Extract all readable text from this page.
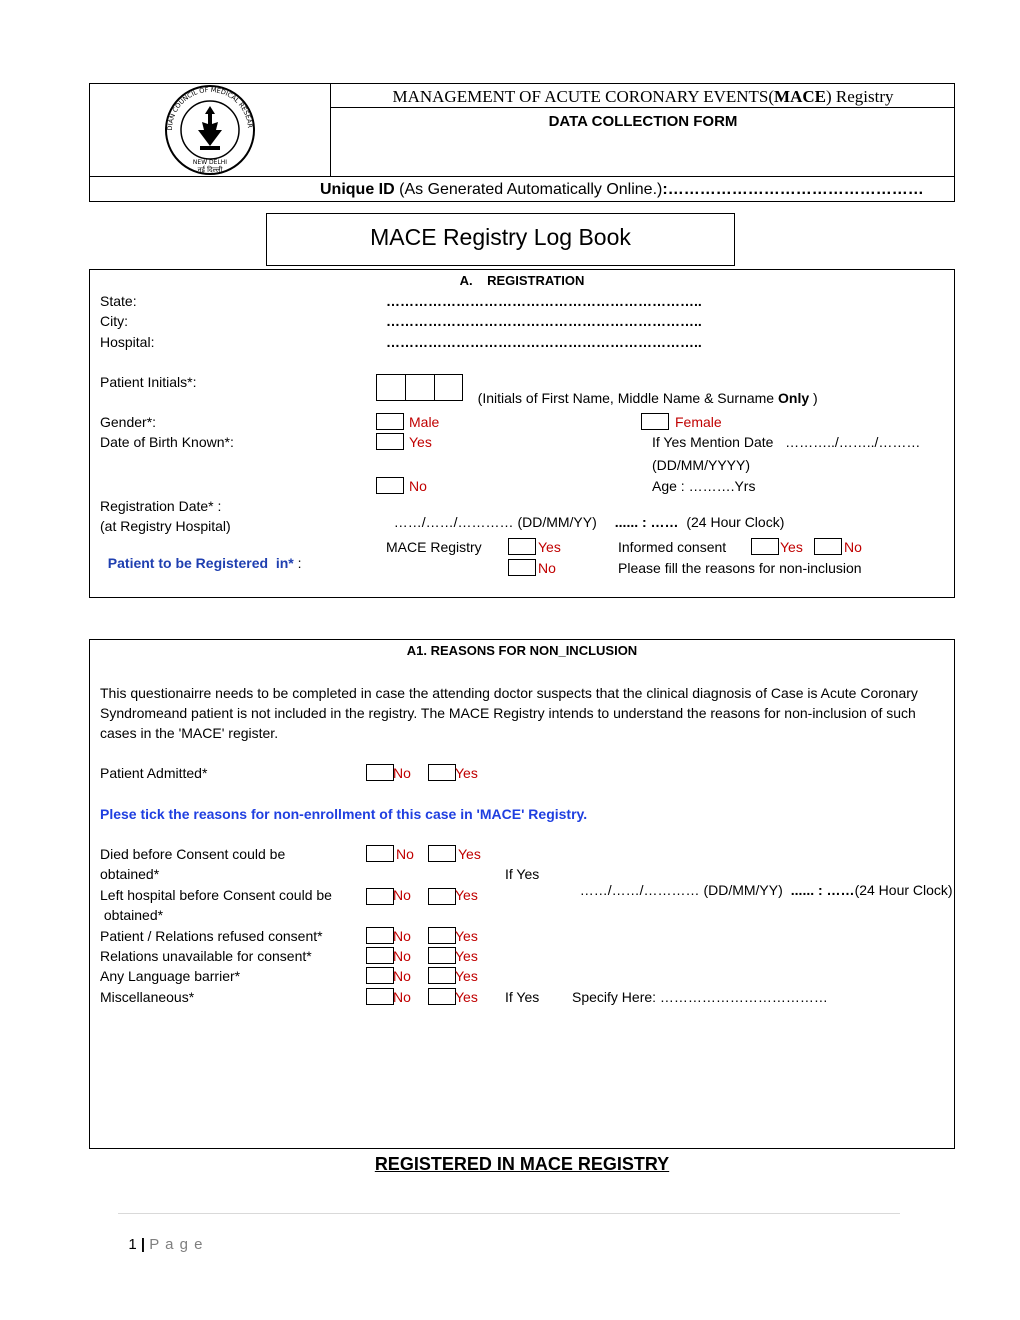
DIAN COUNCIL OF MEDICAL RESEAR
NEW DELHI
नई दिल्ली
MANAGEMENT OF ACUTE CORONARY EVENTS(MACE) Registry
DATA COLLECTION FORM
Unique ID (As Generated Automatically Online.):…………………………………………
MACE Registry Log Book
A.    REGISTRATION
State:	…………………………………………………………..
City:	…………………………………………………………..
Hospital:	…………………………………………………………..
Patient Initials*:

(Initials of First Name, Middle Name & Surname Only )

Gender*:	Male	Female
Date of Birth Known*:	Yes	If Yes Mention Date   ………../……../………
(DD/MM/YYYY)
No	Age : ……….Yrs
Registration Date* :

……/……/………… (DD/MM/YY) ...... : ……  (24 Hour Clock)

(at Registry Hospital)

Patient to be Registered  in* :

MACE Registry	Yes	Informed consent	Yes	No
No	Please fill the reasons for non-inclusion
A1. REASONS FOR NON_INCLUSION
This questionairre needs to be completed in case the attending doctor suspects that the clinical diagnosis of Case is Acute Coronary Syndromeand patient is not included in the registry. The MACE Registry intends to understand the reasons for non-inclusion of such cases in the 'MACE' register.
Patient Admitted*	No	Yes
Plese tick the reasons for non-enrollment of this case in 'MACE' Registry.
Died before Consent could be
obtained*
No	Yes
If Yes

……/……/………… (DD/MM/YY) ...... : ……(24 Hour Clock)

Left hospital before Consent could be
obtained*
No	Yes
Patient / Relations refused consent*	No	Yes
Relations unavailable for consent*	No	Yes
Any Language barrier*	No	Yes
Miscellaneous*	No	Yes If Yes Specify Here: ………………………………
REGISTERED IN MACE REGISTRY

1 | P a g e
